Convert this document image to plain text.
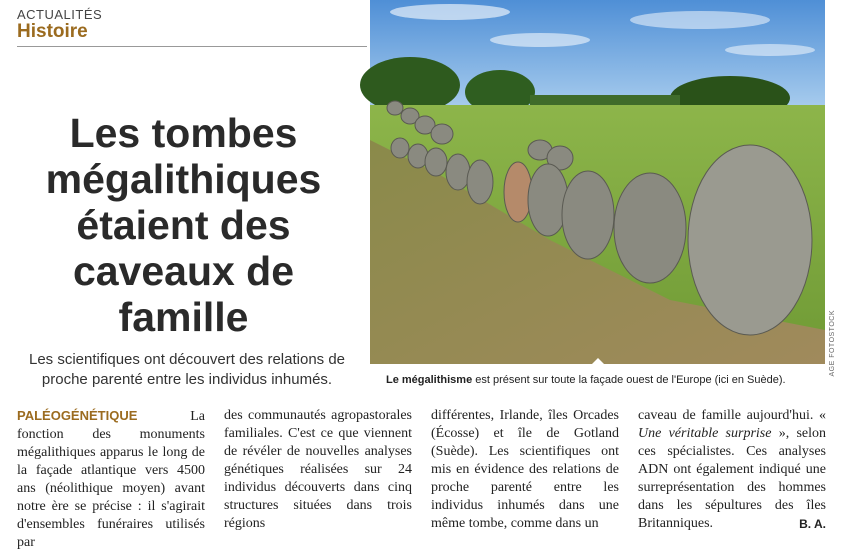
ACTUALITÉS
Histoire
Les tombes
mégalithiques
étaient des
caveaux de
famille

Les scientifiques ont découvert des relations de proche parenté entre les individus inhumés.

AGE FOTOSTOCK

Le mégalithisme est présent sur toute la façade ouest de l'Europe (ici en Suède).

PALÉOGÉNÉTIQUE La fonction des monuments mégalithiques apparus le long de la façade atlantique vers 4500 ans (néolithique moyen) avant notre ère se précise : il s'agirait d'ensembles funéraires utilisés par

des communautés agropastorales familiales. C'est ce que viennent de révéler de nouvelles analyses génétiques réalisées sur 24 individus découverts dans cinq structures situées dans trois régions

différentes, Irlande, îles Orcades (Écosse) et île de Gotland (Suède). Les scientifiques ont mis en évidence des relations de proche parenté entre les individus inhumés dans une même tombe, comme dans un

caveau de famille aujourd'hui. « Une véritable surprise », selon ces spécialistes. Ces analyses ADN ont également indiqué une surreprésentation des hommes dans les sépultures des îles Britanniques.	B. A.
